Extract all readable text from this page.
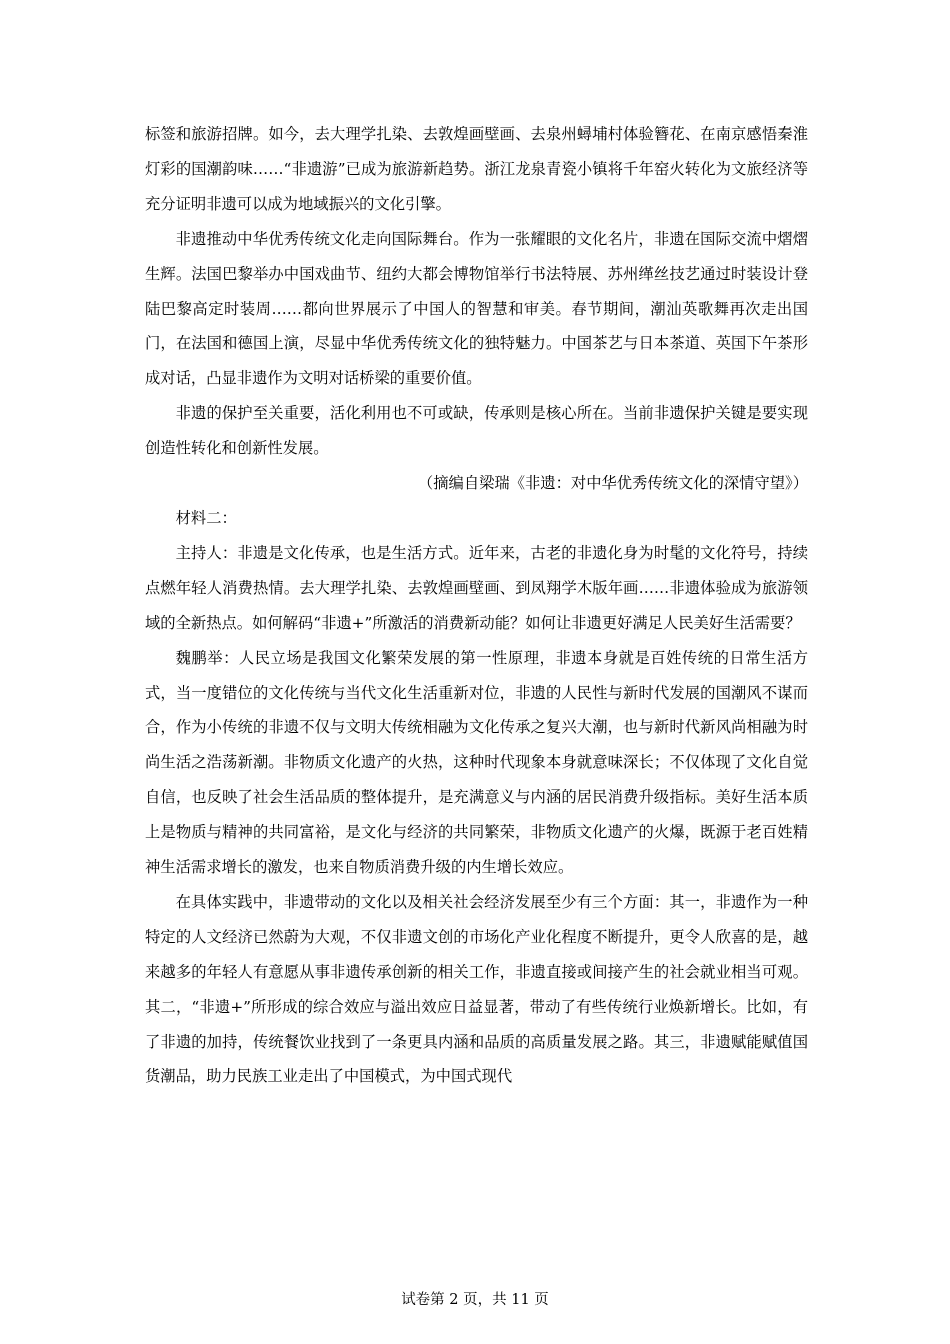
标签和旅游招牌。如今，去大理学扎染、去敦煌画壁画、去泉州蟳埔村体验簪花、在南京感悟秦淮灯彩的国潮韵味……“非遗游”已成为旅游新趋势。浙江龙泉青瓷小镇将千年窑火转化为文旅经济等充分证明非遗可以成为地域振兴的文化引擎。

非遗推动中华优秀传统文化走向国际舞台。作为一张耀眼的文化名片，非遗在国际交流中熠熠生辉。法国巴黎举办中国戏曲节、纽约大都会博物馆举行书法特展、苏州缂丝技艺通过时装设计登陆巴黎高定时装周……都向世界展示了中国人的智慧和审美。春节期间，潮汕英歌舞再次走出国门，在法国和德国上演，尽显中华优秀传统文化的独特魅力。中国茶艺与日本茶道、英国下午茶形成对话，凸显非遗作为文明对话桥梁的重要价值。

非遗的保护至关重要，活化利用也不可或缺，传承则是核心所在。当前非遗保护关键是要实现创造性转化和创新性发展。

（摘编自梁瑞《非遗：对中华优秀传统文化的深情守望》）

材料二：

主持人：非遗是文化传承，也是生活方式。近年来，古老的非遗化身为时髦的文化符号，持续点燃年轻人消费热情。去大理学扎染、去敦煌画壁画、到凤翔学木版年画……非遗体验成为旅游领域的全新热点。如何解码“非遗+”所激活的消费新动能？如何让非遗更好满足人民美好生活需要？

魏鹏举：人民立场是我国文化繁荣发展的第一性原理，非遗本身就是百姓传统的日常生活方式，当一度错位的文化传统与当代文化生活重新对位，非遗的人民性与新时代发展的国潮风不谋而合，作为小传统的非遗不仅与文明大传统相融为文化传承之复兴大潮，也与新时代新风尚相融为时尚生活之浩荡新潮。非物质文化遗产的火热，这种时代现象本身就意味深长；不仅体现了文化自觉自信，也反映了社会生活品质的整体提升，是充满意义与内涵的居民消费升级指标。美好生活本质上是物质与精神的共同富裕，是文化与经济的共同繁荣，非物质文化遗产的火爆，既源于老百姓精神生活需求增长的激发，也来自物质消费升级的内生增长效应。

在具体实践中，非遗带动的文化以及相关社会经济发展至少有三个方面：其一，非遗作为一种特定的人文经济已然蔚为大观，不仅非遗文创的市场化产业化程度不断提升，更令人欣喜的是，越来越多的年轻人有意愿从事非遗传承创新的相关工作，非遗直接或间接产生的社会就业相当可观。其二，“非遗+”所形成的综合效应与溢出效应日益显著，带动了有些传统行业焕新增长。比如，有了非遗的加持，传统餐饮业找到了一条更具内涵和品质的高质量发展之路。其三，非遗赋能赋值国货潮品，助力民族工业走出了中国模式，为中国式现代

试卷第 2 页，共 11 页
